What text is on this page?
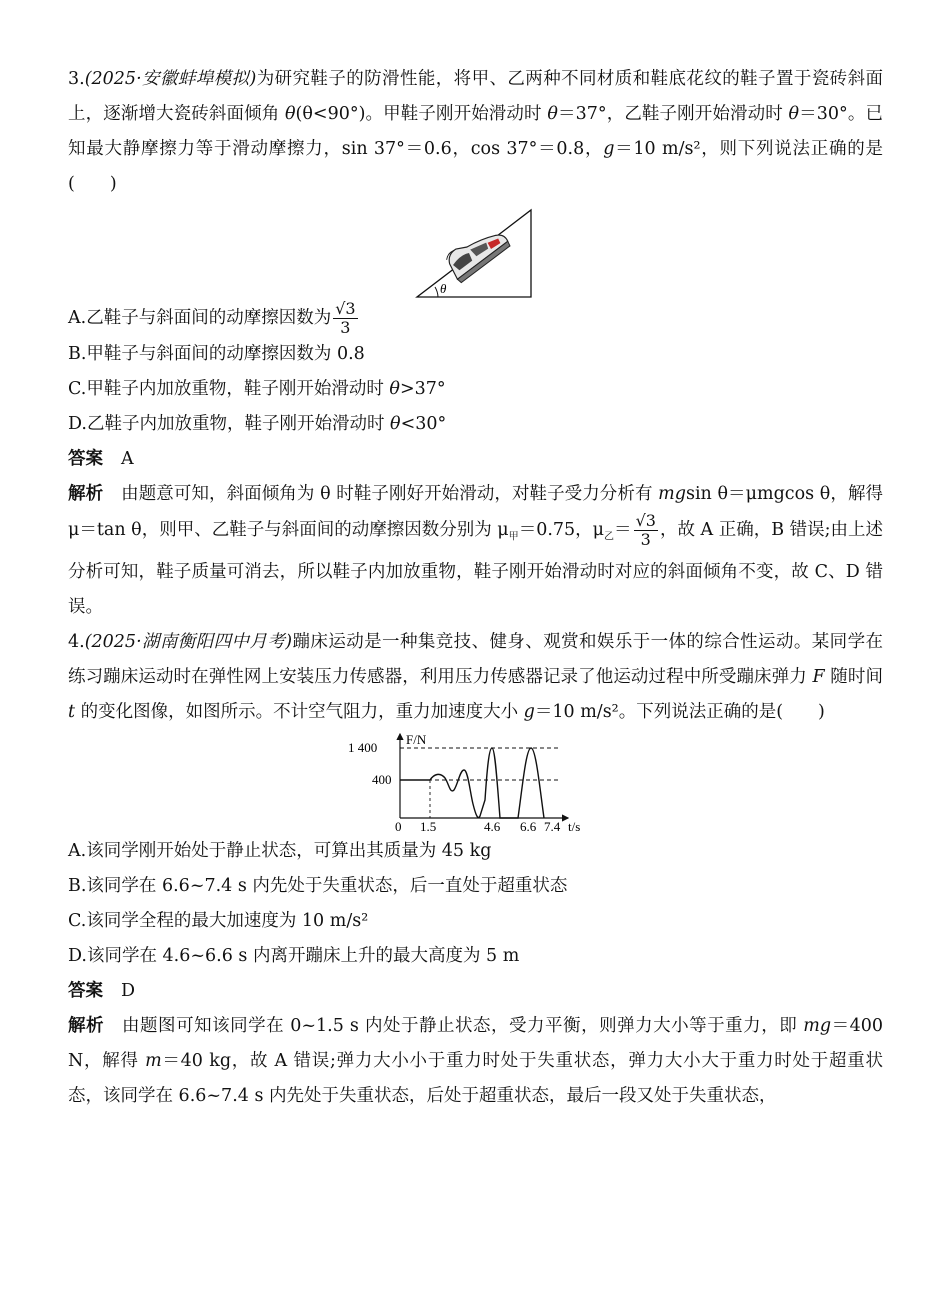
3.(2025·安徽蚌埠模拟)为研究鞋子的防滑性能，将甲、乙两种不同材质和鞋底花纹的鞋子置于瓷砖斜面上，逐渐增大瓷砖斜面倾角 θ(θ<90°)。甲鞋子刚开始滑动时 θ＝37°，乙鞋子刚开始滑动时 θ＝30°。已知最大静摩擦力等于滑动摩擦力，sin 37°＝0.6，cos 37°＝0.8，g＝10 m/s²，则下列说法正确的是(　　)

θ

A.乙鞋子与斜面间的动摩擦因数为 $\frac{√3}{3}$

B.甲鞋子与斜面间的动摩擦因数为 0.8

C.甲鞋子内加放重物，鞋子刚开始滑动时 θ>37°

D.乙鞋子内加放重物，鞋子刚开始滑动时 θ<30°

答案 A

解析 由题意可知，斜面倾角为 θ 时鞋子刚好开始滑动，对鞋子受力分析有 mgsin θ＝μmgcos θ，解得 μ＝tan θ，则甲、乙鞋子与斜面间的动摩擦因数分别为 $\mu_甲=0.75$，$\mu_乙= \frac{√3}{3}$ ，故 A 正确，B 错误;由上述分析可知，鞋子质量可消去，所以鞋子内加放重物，鞋子刚开始滑动时对应的斜面倾角不变，故 C、D 错误。

4.(2025·湖南衡阳四中月考)蹦床运动是一种集竞技、健身、观赏和娱乐于一体的综合性运动。某同学在练习蹦床运动时在弹性网上安装压力传感器，利用压力传感器记录了他运动过程中所受蹦床弹力 F 随时间 t 的变化图像，如图所示。不计空气阻力，重力加速度大小 g＝10 m/s²。下列说法正确的是(　　)

F/N
t/s
1 400
400
0 1.5	4.6 6.6 7.4

A.该同学刚开始处于静止状态，可算出其质量为 45 kg

B.该同学在 6.6~7.4 s 内先处于失重状态，后一直处于超重状态

C.该同学全程的最大加速度为 10 m/s²

D.该同学在 4.6~6.6 s 内离开蹦床上升的最大高度为 5 m

答案 D

解析 由题图可知该同学在 0~1.5 s 内处于静止状态，受力平衡，则弹力大小等于重力，即 mg＝400 N，解得 m＝40 kg，故 A 错误;弹力大小小于重力时处于失重状态，弹力大小大于重力时处于超重状态，该同学在 6.6~7.4 s 内先处于失重状态，后处于超重状态，最后一段又处于失重状态，
